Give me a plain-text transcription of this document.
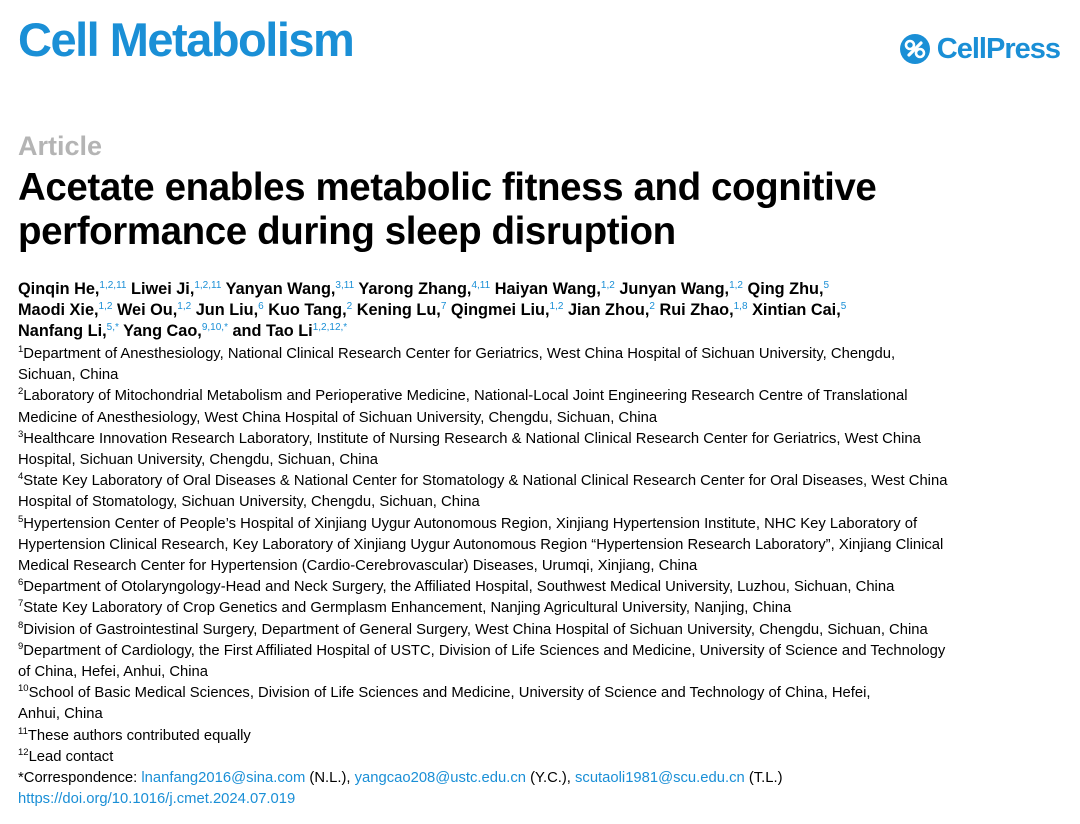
Cell Metabolism	CellPress
Article
Acetate enables metabolic fitness and cognitive performance during sleep disruption
Qinqin He,$^{1,2,11}$ Liwei Ji,$^{1,2,11}$ Yanyan Wang,$^{3,11}$ Yarong Zhang,$^{4,11}$ Haiyan Wang,$^{1,2}$ Junyan Wang,$^{1,2}$ Qing Zhu,$^5$
Maodi Xie,$^{1,2}$ Wei Ou,$^{1,2}$ Jun Liu,$^6$ Kuo Tang,$^2$ Kening Lu,$^7$ Qingmei Liu,$^{1,2}$ Jian Zhou,$^2$ Rui Zhao,$^{1,8}$ Xintian Cai,$^5$
Nanfang Li,$^{5,*}$ Yang Cao,$^{9,10,*}$ and Tao $Li^{1,2,12,*}$
$^1$Department of Anesthesiology, National Clinical Research Center for Geriatrics, West China Hospital of Sichuan University, Chengdu,
Sichuan, China
$^2$Laboratory of Mitochondrial Metabolism and Perioperative Medicine, National-Local Joint Engineering Research Centre of Translational
Medicine of Anesthesiology, West China Hospital of Sichuan University, Chengdu, Sichuan, China
$^3$Healthcare Innovation Research Laboratory, Institute of Nursing Research & National Clinical Research Center for Geriatrics, West China
Hospital, Sichuan University, Chengdu, Sichuan, China
$^4$State Key Laboratory of Oral Diseases & National Center for Stomatology & National Clinical Research Center for Oral Diseases, West China
Hospital of Stomatology, Sichuan University, Chengdu, Sichuan, China
$^5$Hypertension Center of People’s Hospital of Xinjiang Uygur Autonomous Region, Xinjiang Hypertension Institute, NHC Key Laboratory of
Hypertension Clinical Research, Key Laboratory of Xinjiang Uygur Autonomous Region “Hypertension Research Laboratory”, Xinjiang Clinical
Medical Research Center for Hypertension (Cardio-Cerebrovascular) Diseases, Urumqi, Xinjiang, China
$^6$Department of Otolaryngology-Head and Neck Surgery, the Affiliated Hospital, Southwest Medical University, Luzhou, Sichuan, China
$^7$State Key Laboratory of Crop Genetics and Germplasm Enhancement, Nanjing Agricultural University, Nanjing, China
$^8$Division of Gastrointestinal Surgery, Department of General Surgery, West China Hospital of Sichuan University, Chengdu, Sichuan, China
$^9$Department of Cardiology, the First Affiliated Hospital of USTC, Division of Life Sciences and Medicine, University of Science and Technology
of China, Hefei, Anhui, China
$^{10}$School of Basic Medical Sciences, Division of Life Sciences and Medicine, University of Science and Technology of China, Hefei,
Anhui, China
$^{11}$These authors contributed equally
$^{12}$Lead contact
*Correspondence: lnanfang2016@sina.com (N.L.), yangcao208@ustc.edu.cn (Y.C.), scutaoli1981@scu.edu.cn (T.L.)
https://doi.org/10.1016/j.cmet.2024.07.019
